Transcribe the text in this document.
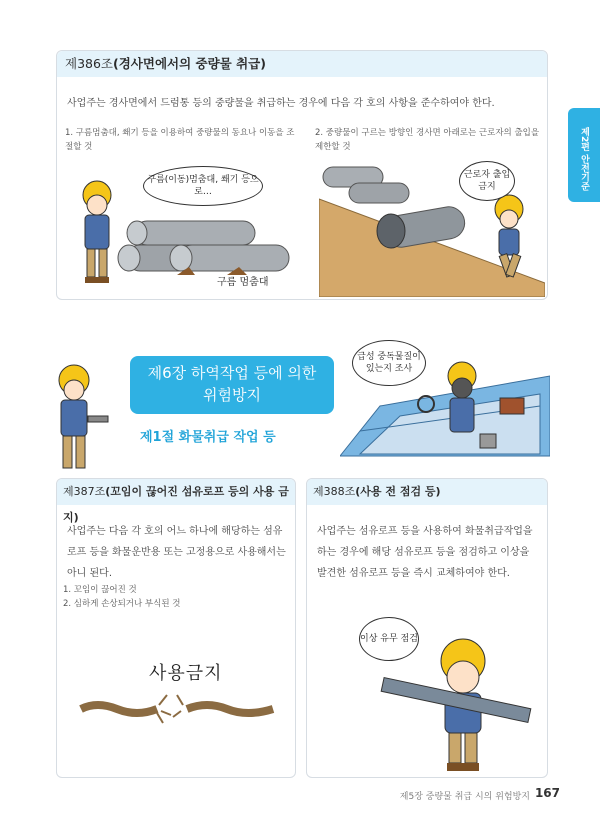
제2편 안전기준
제386조(경사면에서의 중량물 취급)
사업주는 경사면에서 드럼통 등의 중량물을 취급하는 경우에 다음 각 호의 사항을 준수하여야 한다.
1. 구름멈춤대, 쐐기 등을 이용하여 중량물의 동요나 이동을 조절할 것
2. 중량물이 구르는 방향인 경사면 아래로는 근로자의 출입을 제한할 것
구름(이동)멈춤대, 쐐기 등으로…
구름 멈춤대
근로자 출입금지
제6장 하역작업 등에 의한
위험방지
제1절 화물취급 작업 등
급성 중독물질이 있는지 조사
제387조(꼬임이 끊어진 섬유로프 등의 사용 금지)
사업주는 다음 각 호의 어느 하나에 해당하는 섬유로프 등을 화물운반용 또는 고정용으로 사용해서는 아니 된다.
1. 꼬임이 끊어진 것
2. 심하게 손상되거나 부식된 것
사용금지
제388조(사용 전 점검 등)
사업주는 섬유로프 등을 사용하여 화물취급작업을 하는 경우에 해당 섬유로프 등을 점검하고 이상을 발견한 섬유로프 등을 즉시 교체하여야 한다.
이상 유무 점검
제5장 중량물 취급 시의 위험방지 167
